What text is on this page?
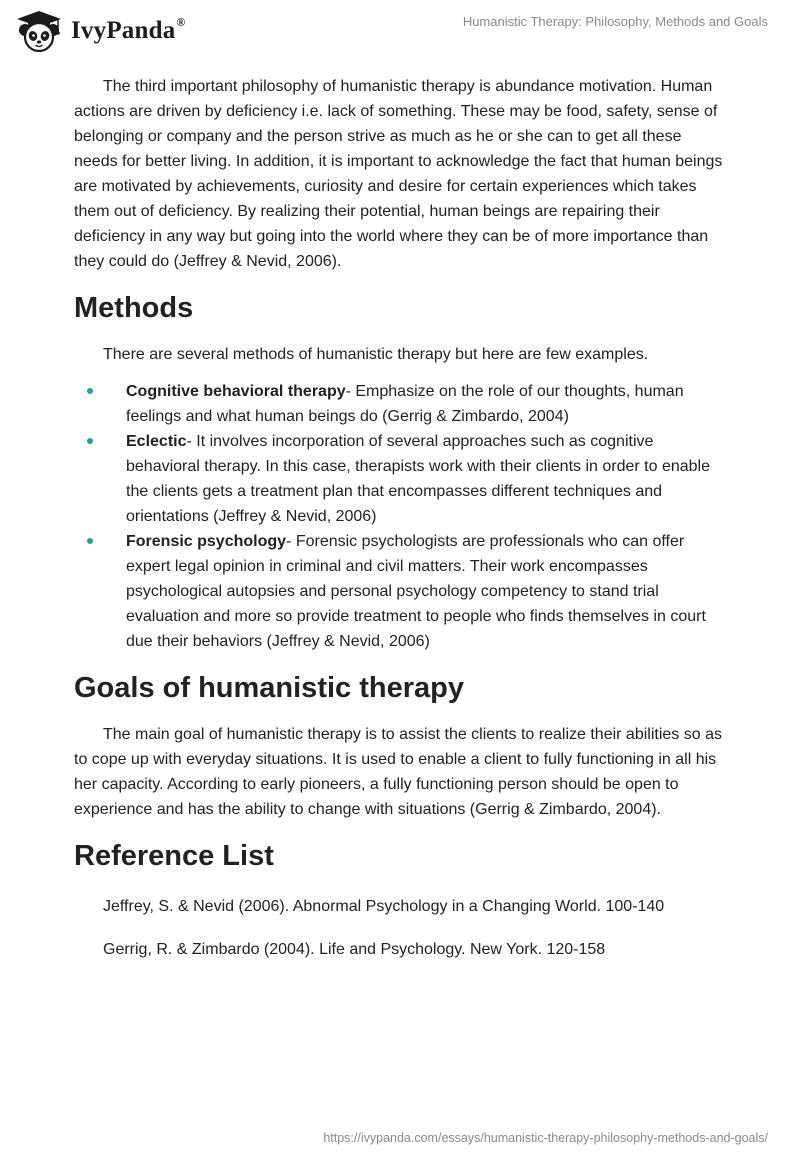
IvyPanda®	Humanistic Therapy: Philosophy, Methods and Goals

The third important philosophy of humanistic therapy is abundance motivation. Human actions are driven by deficiency i.e. lack of something. These may be food, safety, sense of belonging or company and the person strive as much as he or she can to get all these needs for better living. In addition, it is important to acknowledge the fact that human beings are motivated by achievements, curiosity and desire for certain experiences which takes them out of deficiency. By realizing their potential, human beings are repairing their deficiency in any way but going into the world where they can be of more importance than they could do (Jeffrey & Nevid, 2006).

Methods

There are several methods of humanistic therapy but here are few examples.

Cognitive behavioral therapy- Emphasize on the role of our thoughts, human feelings and what human beings do (Gerrig & Zimbardo, 2004)
Eclectic- It involves incorporation of several approaches such as cognitive behavioral therapy. In this case, therapists work with their clients in order to enable the clients gets a treatment plan that encompasses different techniques and orientations (Jeffrey & Nevid, 2006)
Forensic psychology- Forensic psychologists are professionals who can offer expert legal opinion in criminal and civil matters. Their work encompasses psychological autopsies and personal psychology competency to stand trial evaluation and more so provide treatment to people who finds themselves in court due their behaviors (Jeffrey & Nevid, 2006)
Goals of humanistic therapy

The main goal of humanistic therapy is to assist the clients to realize their abilities so as to cope up with everyday situations. It is used to enable a client to fully functioning in all his her capacity. According to early pioneers, a fully functioning person should be open to experience and has the ability to change with situations (Gerrig & Zimbardo, 2004).

Reference List
Jeffrey, S. & Nevid (2006). Abnormal Psychology in a Changing World. 100-140
Gerrig, R. & Zimbardo (2004). Life and Psychology. New York. 120-158
https://ivypanda.com/essays/humanistic-therapy-philosophy-methods-and-goals/
